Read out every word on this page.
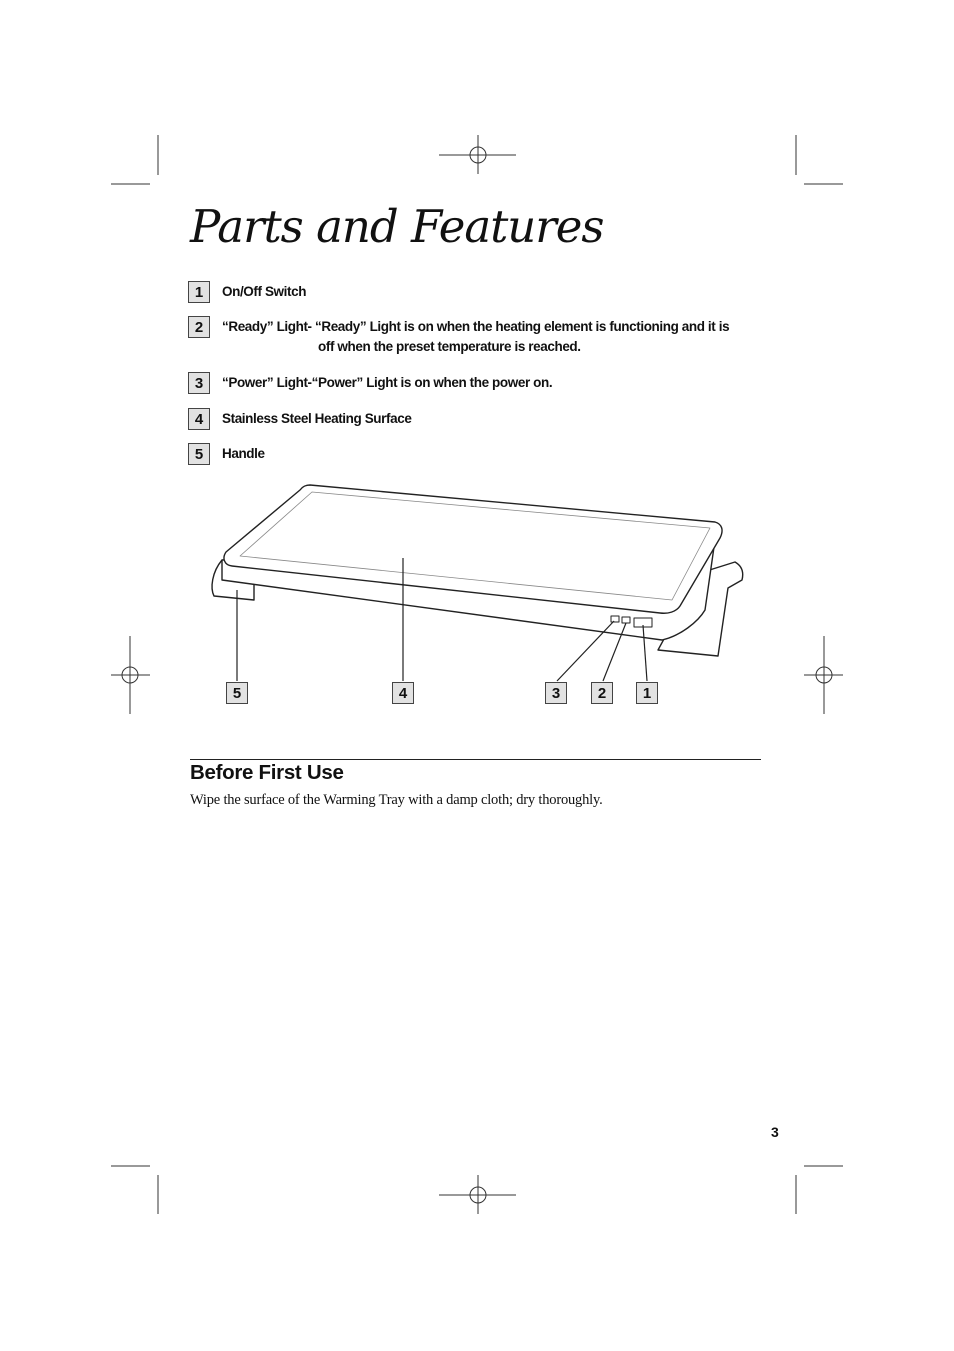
Parts and Features
1	On/Off Switch
2	“Ready” Light- “Ready” Light is on when the heating element is functioning and it is
off when the preset temperature is reached.
3	“Power” Light-“Power” Light is on when the power on.
4	Stainless Steel Heating Surface
5	Handle
5	4	3	2	1
Before First Use
Wipe the surface of the Warming Tray with a damp cloth; dry thoroughly.
3
